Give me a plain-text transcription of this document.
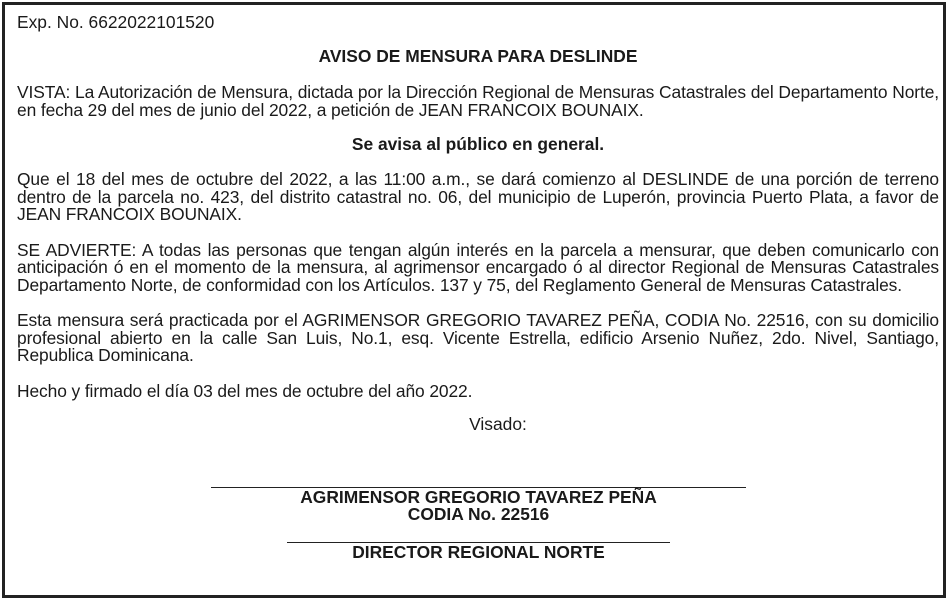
Exp. No. 6622022101520

AVISO DE MENSURA PARA DESLINDE

VISTA: La Autorización de Mensura, dictada por la Dirección Regional de Mensuras Catastrales del Departamento Norte, en fecha 29 del mes de junio del 2022, a petición de JEAN FRANCOIX BOUNAIX.

Se avisa al público en general.

Que el 18 del mes de octubre del 2022, a las 11:00 a.m., se dará comienzo al DESLINDE de una porción de terreno dentro de la parcela no. 423, del distrito catastral no. 06, del municipio de Luperón, provincia Puerto Plata, a favor de JEAN FRANCOIX BOUNAIX.

SE ADVIERTE: A todas las personas que tengan algún interés en la parcela a mensurar, que deben comunicarlo con anticipación ó en el momento de la mensura, al agrimensor encargado ó al director Regional de Mensuras Catastrales Departamento Norte, de conformidad con los Artículos. 137 y 75, del Reglamento General de Mensuras Catastrales.

Esta mensura será practicada por el AGRIMENSOR GREGORIO TAVAREZ PEÑA, CODIA No. 22516, con su domicilio profesional abierto en la calle San Luis, No.1, esq. Vicente Estrella, edificio Arsenio Nuñez, 2do. Nivel, Santiago, Republica Dominicana.

Hecho y firmado el día 03 del mes de octubre del año 2022.

Visado:

AGRIMENSOR GREGORIO TAVAREZ PEÑA

CODIA No. 22516

DIRECTOR REGIONAL NORTE
